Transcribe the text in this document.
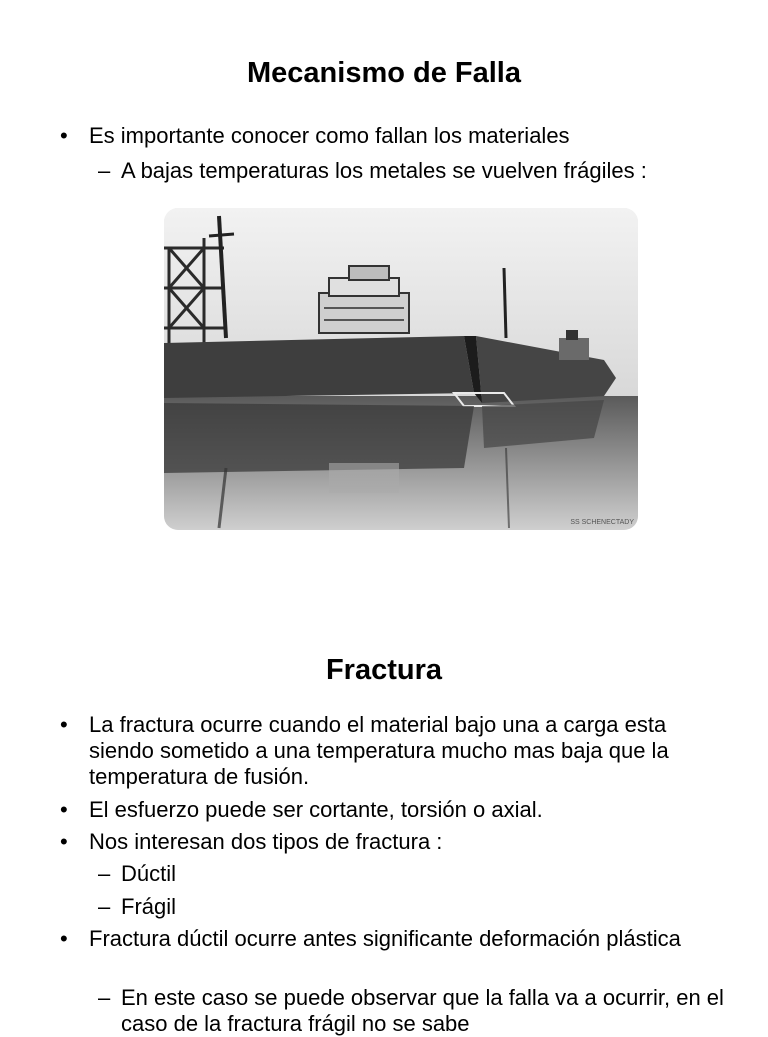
Mecanismo de Falla
• Es importante conocer como fallan los materiales
– A bajas temperaturas los metales se vuelven frágiles :
SS SCHENECTADY
Fractura
• La fractura ocurre cuando el material bajo una a carga esta siendo sometido a una temperatura mucho mas baja que la temperatura de fusión.
• El esfuerzo puede ser cortante, torsión o axial.
• Nos interesan dos tipos de fractura :
– Dúctil
– Frágil
• Fractura dúctil ocurre antes significante deformación plástica
– En este caso se puede observar que la falla va a ocurrir, en el caso de la fractura frágil no se sabe
